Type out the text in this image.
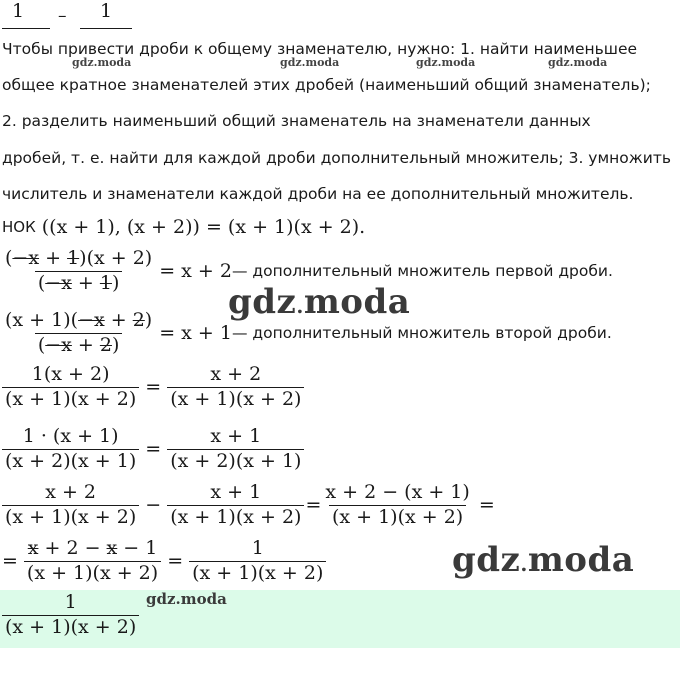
1 – 1
Чтобы привести дроби к общему знаменателю, нужно: 1. найти наименьшее
общее кратное знаменателей этих дробей (наименьший общий знаменатель);
2. разделить наименьший общий знаменатель на знаменатели данных
дробей, т. е. найти для каждой дроби дополнительный множитель; 3. умножить
числитель и знаменатели каждой дроби на ее дополнительный множитель.
gdz.moda	gdz.moda	gdz.moda	gdz.moda
НОК ((x + 1), (x + 2)) = (x + 1)(x + 2).
$\frac{(-x + 1)(x + 2)}{(-x + 1)} = x + 2$ — дополнительный множитель первой дроби.
gdz.moda
$\frac{(x + 1)(-x + 2)}{(-x + 2)} = x + 1$ — дополнительный множитель второй дроби.
$\frac{1(x + 2)}{(x + 1)(x + 2)} = \frac{x + 2}{(x + 1)(x + 2)}$
$\frac{1 \cdot (x + 1)}{(x + 2)(x + 1)} = \frac{x + 1}{(x + 2)(x + 1)}$
$\frac{x + 2}{(x + 1)(x + 2)} - \frac{x + 1}{(x + 1)(x + 2)} = \frac{x + 2 - (x + 1)}{(x + 1)(x + 2)}$ =
= $\frac{x + 2 - x - 1}{(x + 1)(x + 2)} = \frac{1}{(x + 1)(x + 2)}$	gdz.moda
$\frac{1}{(x + 1)(x + 2)}$ gdz.moda
